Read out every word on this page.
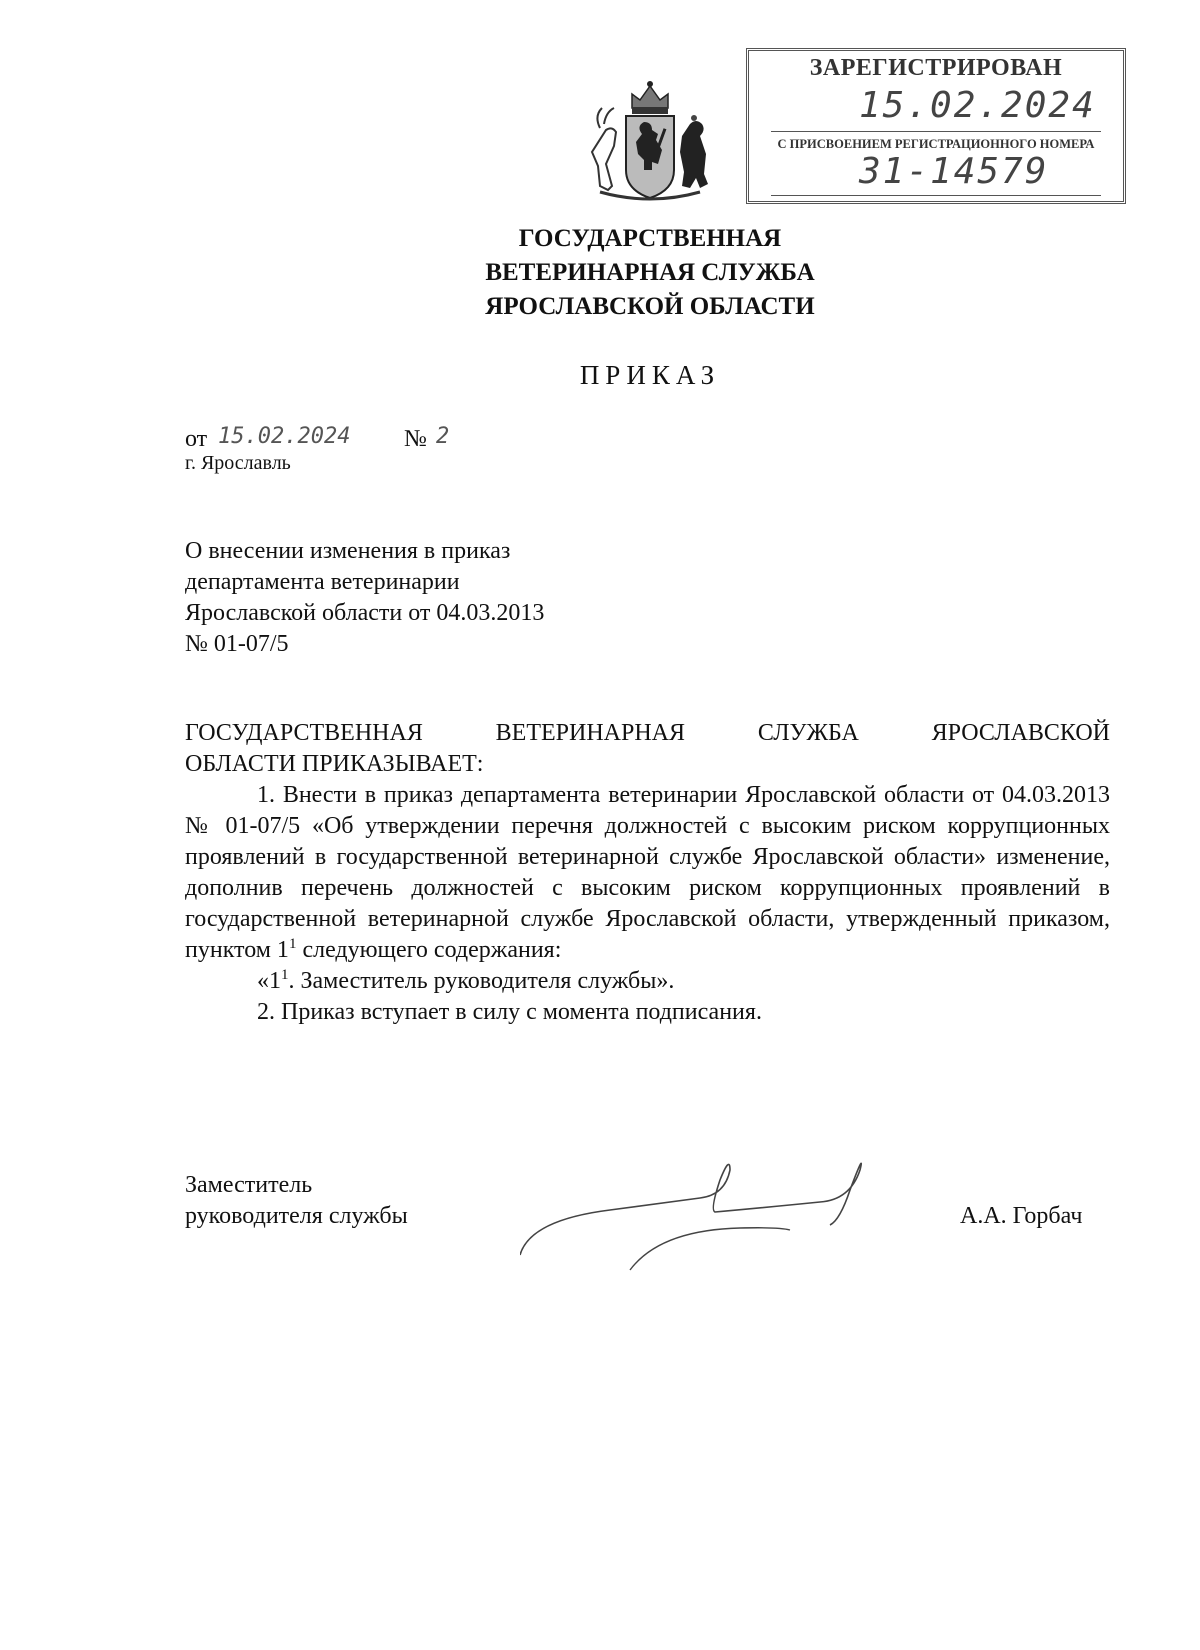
ЗАРЕГИСТРИРОВАН
15.02.2024
С ПРИСВОЕНИЕМ РЕГИСТРАЦИОННОГО НОМЕРА
31-14579
ГОСУДАРСТВЕННАЯ
ВЕТЕРИНАРНАЯ СЛУЖБА
ЯРОСЛАВСКОЙ ОБЛАСТИ
ПРИКАЗ
от 15.02.2024 № 2
г. Ярославль
О внесении изменения в приказ
департамента ветеринарии
Ярославской области от 04.03.2013
№ 01-07/5

ГОСУДАРСТВЕННАЯ ВЕТЕРИНАРНАЯ СЛУЖБА ЯРОСЛАВСКОЙ

ОБЛАСТИ ПРИКАЗЫВАЕТ:

1. Внести в приказ департамента ветеринарии Ярославской области от 04.03.2013 № 01-07/5 «Об утверждении перечня должностей с высоким риском коррупционных проявлений в государственной ветеринарной службе Ярославской области» изменение, дополнив перечень должностей с высоким риском коррупционных проявлений в государственной ветеринарной службе Ярославской области, утвержденный приказом, пунктом $1^1$ следующего содержания:

«$1^1$. Заместитель руководителя службы».

2. Приказ вступает в силу с момента подписания.

Заместитель
руководителя службы	А.А. Горбач
